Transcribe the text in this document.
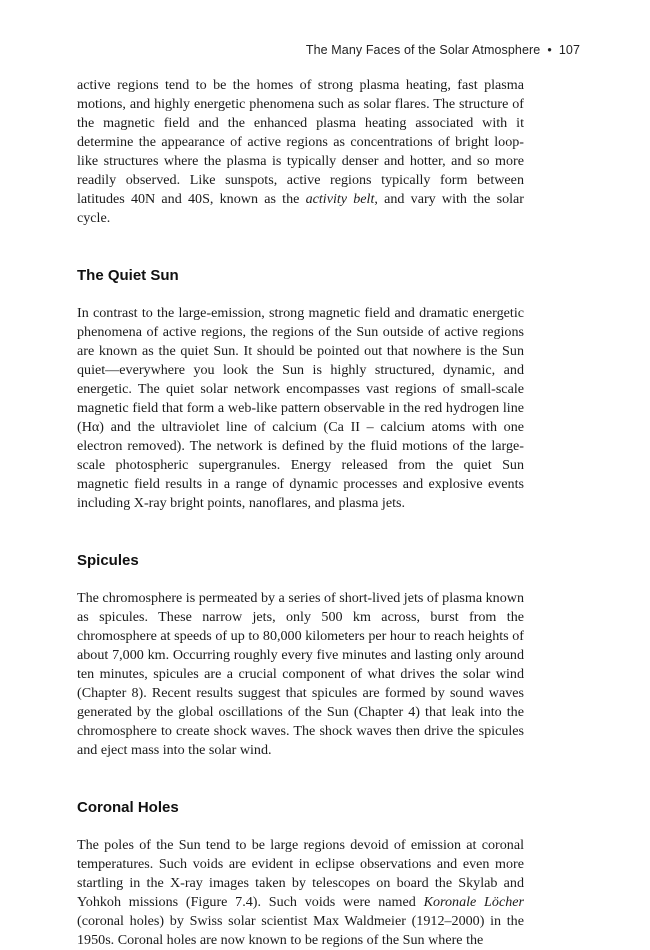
The Many Faces of the Solar Atmosphere • 107

active regions tend to be the homes of strong plasma heating, fast plasma motions, and highly energetic phenomena such as solar flares. The structure of the magnetic field and the enhanced plasma heating associated with it determine the appearance of active regions as concentrations of bright loop-like structures where the plasma is typically denser and hotter, and so more readily observed. Like sunspots, active regions typically form between latitudes 40N and 40S, known as the activity belt, and vary with the solar cycle.

The Quiet Sun

In contrast to the large-emission, strong magnetic field and dramatic energetic phenomena of active regions, the regions of the Sun outside of active regions are known as the quiet Sun. It should be pointed out that nowhere is the Sun quiet—everywhere you look the Sun is highly structured, dynamic, and energetic. The quiet solar network encompasses vast regions of small-scale magnetic field that form a web-like pattern observable in the red hydrogen line (Hα) and the ultraviolet line of calcium (Ca II – calcium atoms with one electron removed). The network is defined by the fluid motions of the large-scale photospheric supergranules. Energy released from the quiet Sun magnetic field results in a range of dynamic processes and explosive events including X-ray bright points, nanoflares, and plasma jets.

Spicules

The chromosphere is permeated by a series of short-lived jets of plasma known as spicules. These narrow jets, only 500 km across, burst from the chromosphere at speeds of up to 80,000 kilometers per hour to reach heights of about 7,000 km. Occurring roughly every five minutes and lasting only around ten minutes, spicules are a crucial component of what drives the solar wind (Chapter 8). Recent results suggest that spicules are formed by sound waves generated by the global oscillations of the Sun (Chapter 4) that leak into the chromosphere to create shock waves. The shock waves then drive the spicules and eject mass into the solar wind.

Coronal Holes

The poles of the Sun tend to be large regions devoid of emission at coronal temperatures. Such voids are evident in eclipse observations and even more startling in the X-ray images taken by telescopes on board the Skylab and Yohkoh missions (Figure 7.4). Such voids were named Koronale Löcher (coronal holes) by Swiss solar scientist Max Waldmeier (1912–2000) in the 1950s. Coronal holes are now known to be regions of the Sun where the
